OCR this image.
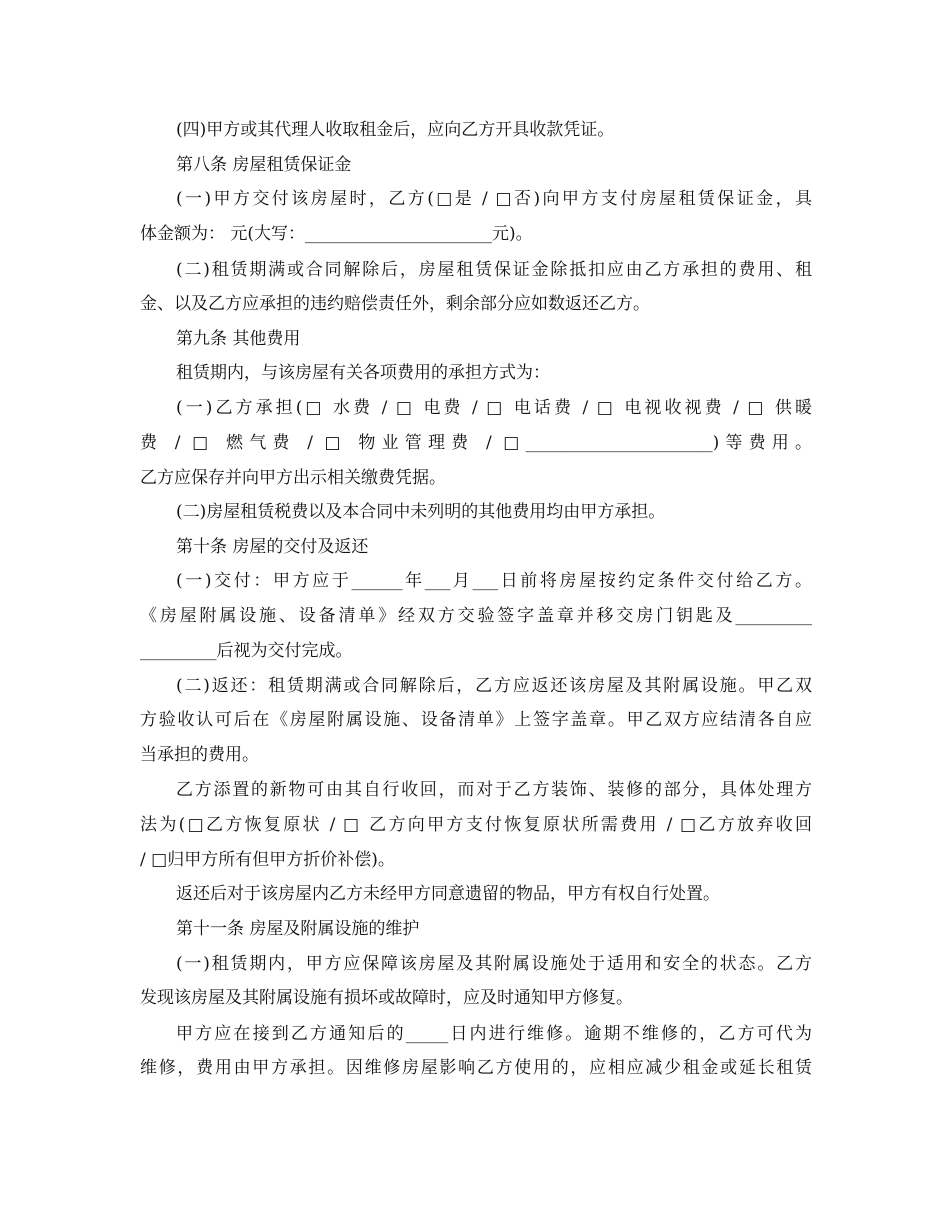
(四)甲方或其代理人收取租金后，应向乙方开具收款凭证。
第八条 房屋租赁保证金
(一)甲方交付该房屋时，乙方(□是 / □否)向甲方支付房屋租赁保证金，具
体金额为： 元(大写：______________________元)。
(二)租赁期满或合同解除后，房屋租赁保证金除抵扣应由乙方承担的费用、租
金、以及乙方应承担的违约赔偿责任外，剩余部分应如数返还乙方。
第九条 其他费用
租赁期内，与该房屋有关各项费用的承担方式为：
(一)乙方承担(□ 水费 / □ 电费 / □ 电话费 / □ 电视收视费 / □ 供暖
费 / □ 燃气费 / □ 物业管理费 / □______________________)等费用。
乙方应保存并向甲方出示相关缴费凭据。
(二)房屋租赁税费以及本合同中未列明的其他费用均由甲方承担。
第十条 房屋的交付及返还
(一)交付：甲方应于______年___月___日前将房屋按约定条件交付给乙方。
《房屋附属设施、设备清单》经双方交验签字盖章并移交房门钥匙及_________
_________后视为交付完成。
(二)返还：租赁期满或合同解除后，乙方应返还该房屋及其附属设施。甲乙双
方验收认可后在《房屋附属设施、设备清单》上签字盖章。甲乙双方应结清各自应
当承担的费用。
乙方添置的新物可由其自行收回，而对于乙方装饰、装修的部分，具体处理方
法为(□乙方恢复原状 / □ 乙方向甲方支付恢复原状所需费用 / □乙方放弃收回
/ □归甲方所有但甲方折价补偿)。
返还后对于该房屋内乙方未经甲方同意遗留的物品，甲方有权自行处置。
第十一条 房屋及附属设施的维护
(一)租赁期内，甲方应保障该房屋及其附属设施处于适用和安全的状态。乙方
发现该房屋及其附属设施有损坏或故障时，应及时通知甲方修复。
甲方应在接到乙方通知后的_____日内进行维修。逾期不维修的，乙方可代为
维修，费用由甲方承担。因维修房屋影响乙方使用的，应相应减少租金或延长租赁
